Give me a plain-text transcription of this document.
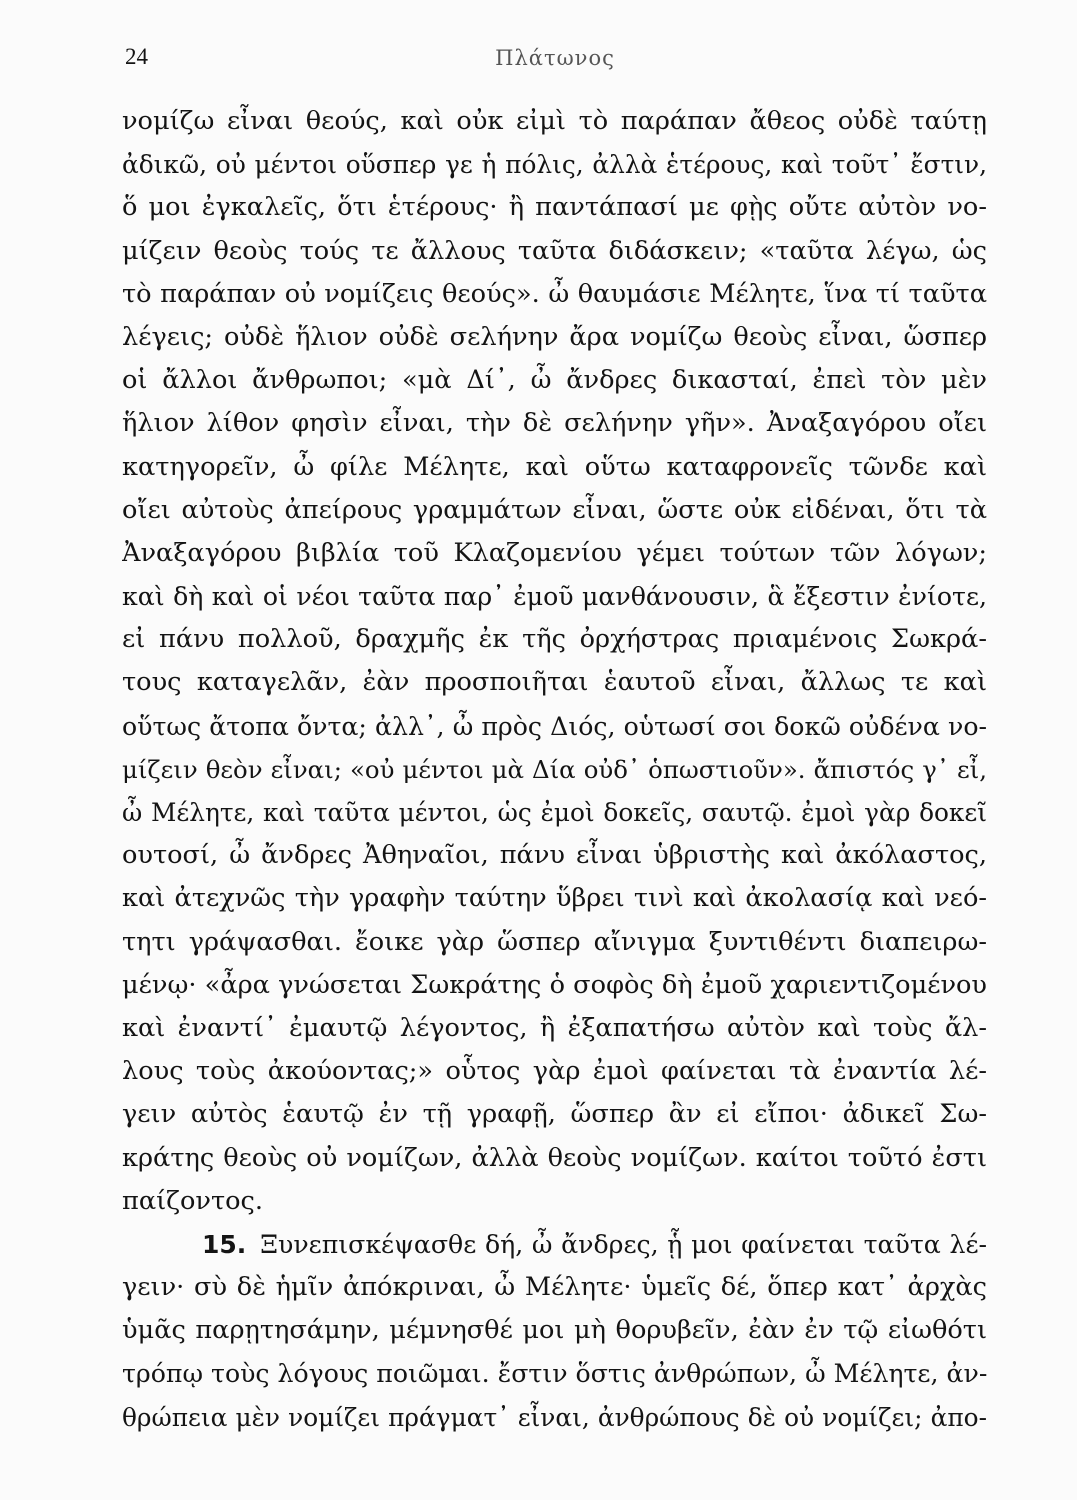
24	Πλάτωνος
νομίζω εἶναι θεούς, καὶ οὐκ εἰμὶ τὸ παράπαν ἄθεος οὐδὲ ταύτῃ
ἀδικῶ, οὐ μέντοι οὕσπερ γε ἡ πόλις, ἀλλὰ ἑτέρους, καὶ τοῦτ᾽ ἔστιν,
ὅ μοι ἐγκαλεῖς, ὅτι ἑτέρους· ἢ παντάπασί με φῂς οὔτε αὐτὸν νο-
μίζειν θεοὺς τούς τε ἄλλους ταῦτα διδάσκειν; «ταῦτα λέγω, ὡς
τὸ παράπαν οὐ νομίζεις θεούς». ὦ θαυμάσιε Μέλητε, ἵνα τί ταῦτα
λέγεις; οὐδὲ ἥλιον οὐδὲ σελήνην ἄρα νομίζω θεοὺς εἶναι, ὥσπερ
οἱ ἄλλοι ἄνθρωποι; «μὰ Δί᾽, ὦ ἄνδρες δικασταί, ἐπεὶ τὸν μὲν
ἥλιον λίθον φησὶν εἶναι, τὴν δὲ σελήνην γῆν». Ἀναξαγόρου οἴει
κατηγορεῖν, ὦ φίλε Μέλητε, καὶ οὕτω καταφρονεῖς τῶνδε καὶ
οἴει αὐτοὺς ἀπείρους γραμμάτων εἶναι, ὥστε οὐκ εἰδέναι, ὅτι τὰ
Ἀναξαγόρου βιβλία τοῦ Κλαζομενίου γέμει τούτων τῶν λόγων;
καὶ δὴ καὶ οἱ νέοι ταῦτα παρ᾽ ἐμοῦ μανθάνουσιν, ἃ ἔξεστιν ἐνίοτε,
εἰ πάνυ πολλοῦ, δραχμῆς ἐκ τῆς ὀρχήστρας πριαμένοις Σωκρά-
τους καταγελᾶν, ἐὰν προσποιῆται ἑαυτοῦ εἶναι, ἄλλως τε καὶ
οὕτως ἄτοπα ὄντα; ἀλλ᾽, ὦ πρὸς Διός, οὑτωσί σοι δοκῶ οὐδένα νο-
μίζειν θεὸν εἶναι; «οὐ μέντοι μὰ Δία οὐδ᾽ ὁπωστιοῦν». ἄπιστός γ᾽ εἶ,
ὦ Μέλητε, καὶ ταῦτα μέντοι, ὡς ἐμοὶ δοκεῖς, σαυτῷ. ἐμοὶ γὰρ δοκεῖ
ουτοσί, ὦ ἄνδρες Ἀθηναῖοι, πάνυ εἶναι ὑβριστὴς καὶ ἀκόλαστος,
καὶ ἀτεχνῶς τὴν γραφὴν ταύτην ὕβρει τινὶ καὶ ἀκολασίᾳ καὶ νεό-
τητι γράψασθαι. ἔοικε γὰρ ὥσπερ αἴνιγμα ξυντιθέντι διαπειρω-
μένῳ· «ἆρα γνώσεται Σωκράτης ὁ σοφὸς δὴ ἐμοῦ χαριεντιζομένου
καὶ ἐναντί᾽ ἐμαυτῷ λέγοντος, ἢ ἐξαπατήσω αὐτὸν καὶ τοὺς ἄλ-
λους τοὺς ἀκούοντας;» οὗτος γὰρ ἐμοὶ φαίνεται τὰ ἐναντία λέ-
γειν αὐτὸς ἑαυτῷ ἐν τῇ γραφῇ, ὥσπερ ἂν εἰ εἴποι· ἀδικεῖ Σω-
κράτης θεοὺς οὐ νομίζων, ἀλλὰ θεοὺς νομίζων. καίτοι τοῦτό ἐστι
παίζοντος.
15. Ξυνεπισκέψασθε δή, ὦ ἄνδρες, ᾗ μοι φαίνεται ταῦτα λέ-
γειν· σὺ δὲ ἡμῖν ἀπόκριναι, ὦ Μέλητε· ὑμεῖς δέ, ὅπερ κατ᾽ ἀρχὰς
ὑμᾶς παρῃτησάμην, μέμνησθέ μοι μὴ θορυβεῖν, ἐὰν ἐν τῷ εἰωθότι
τρόπῳ τοὺς λόγους ποιῶμαι. ἔστιν ὅστις ἀνθρώπων, ὦ Μέλητε, ἀν-
θρώπεια μὲν νομίζει πράγματ᾽ εἶναι, ἀνθρώπους δὲ οὐ νομίζει; ἀπο-
